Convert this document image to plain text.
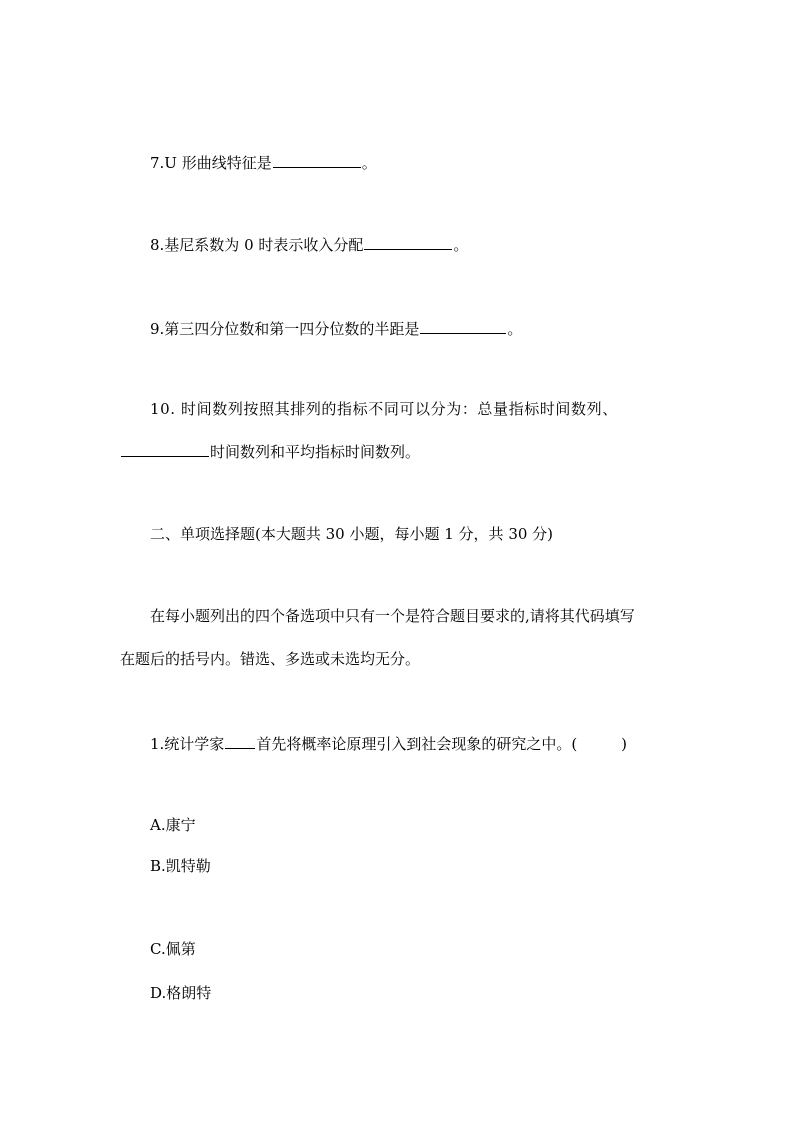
7.U 形曲线特征是	。
8.基尼系数为 0 时表示收入分配	。
9.第三四分位数和第一四分位数的半距是	。
10. 时间数列按照其排列的指标不同可以分为：总量指标时间数列、
时间数列和平均指标时间数列。
二、单项选择题(本大题共 30 小题，每小题 1 分，共 30 分)
在每小题列出的四个备选项中只有一个是符合题目要求的,请将其代码填写
在题后的括号内。错选、多选或未选均无分。
1.统计学家 首先将概率论原理引入到社会现象的研究之中。(	)
A.康宁
B.凯特勒
C.佩第
D.格朗特
